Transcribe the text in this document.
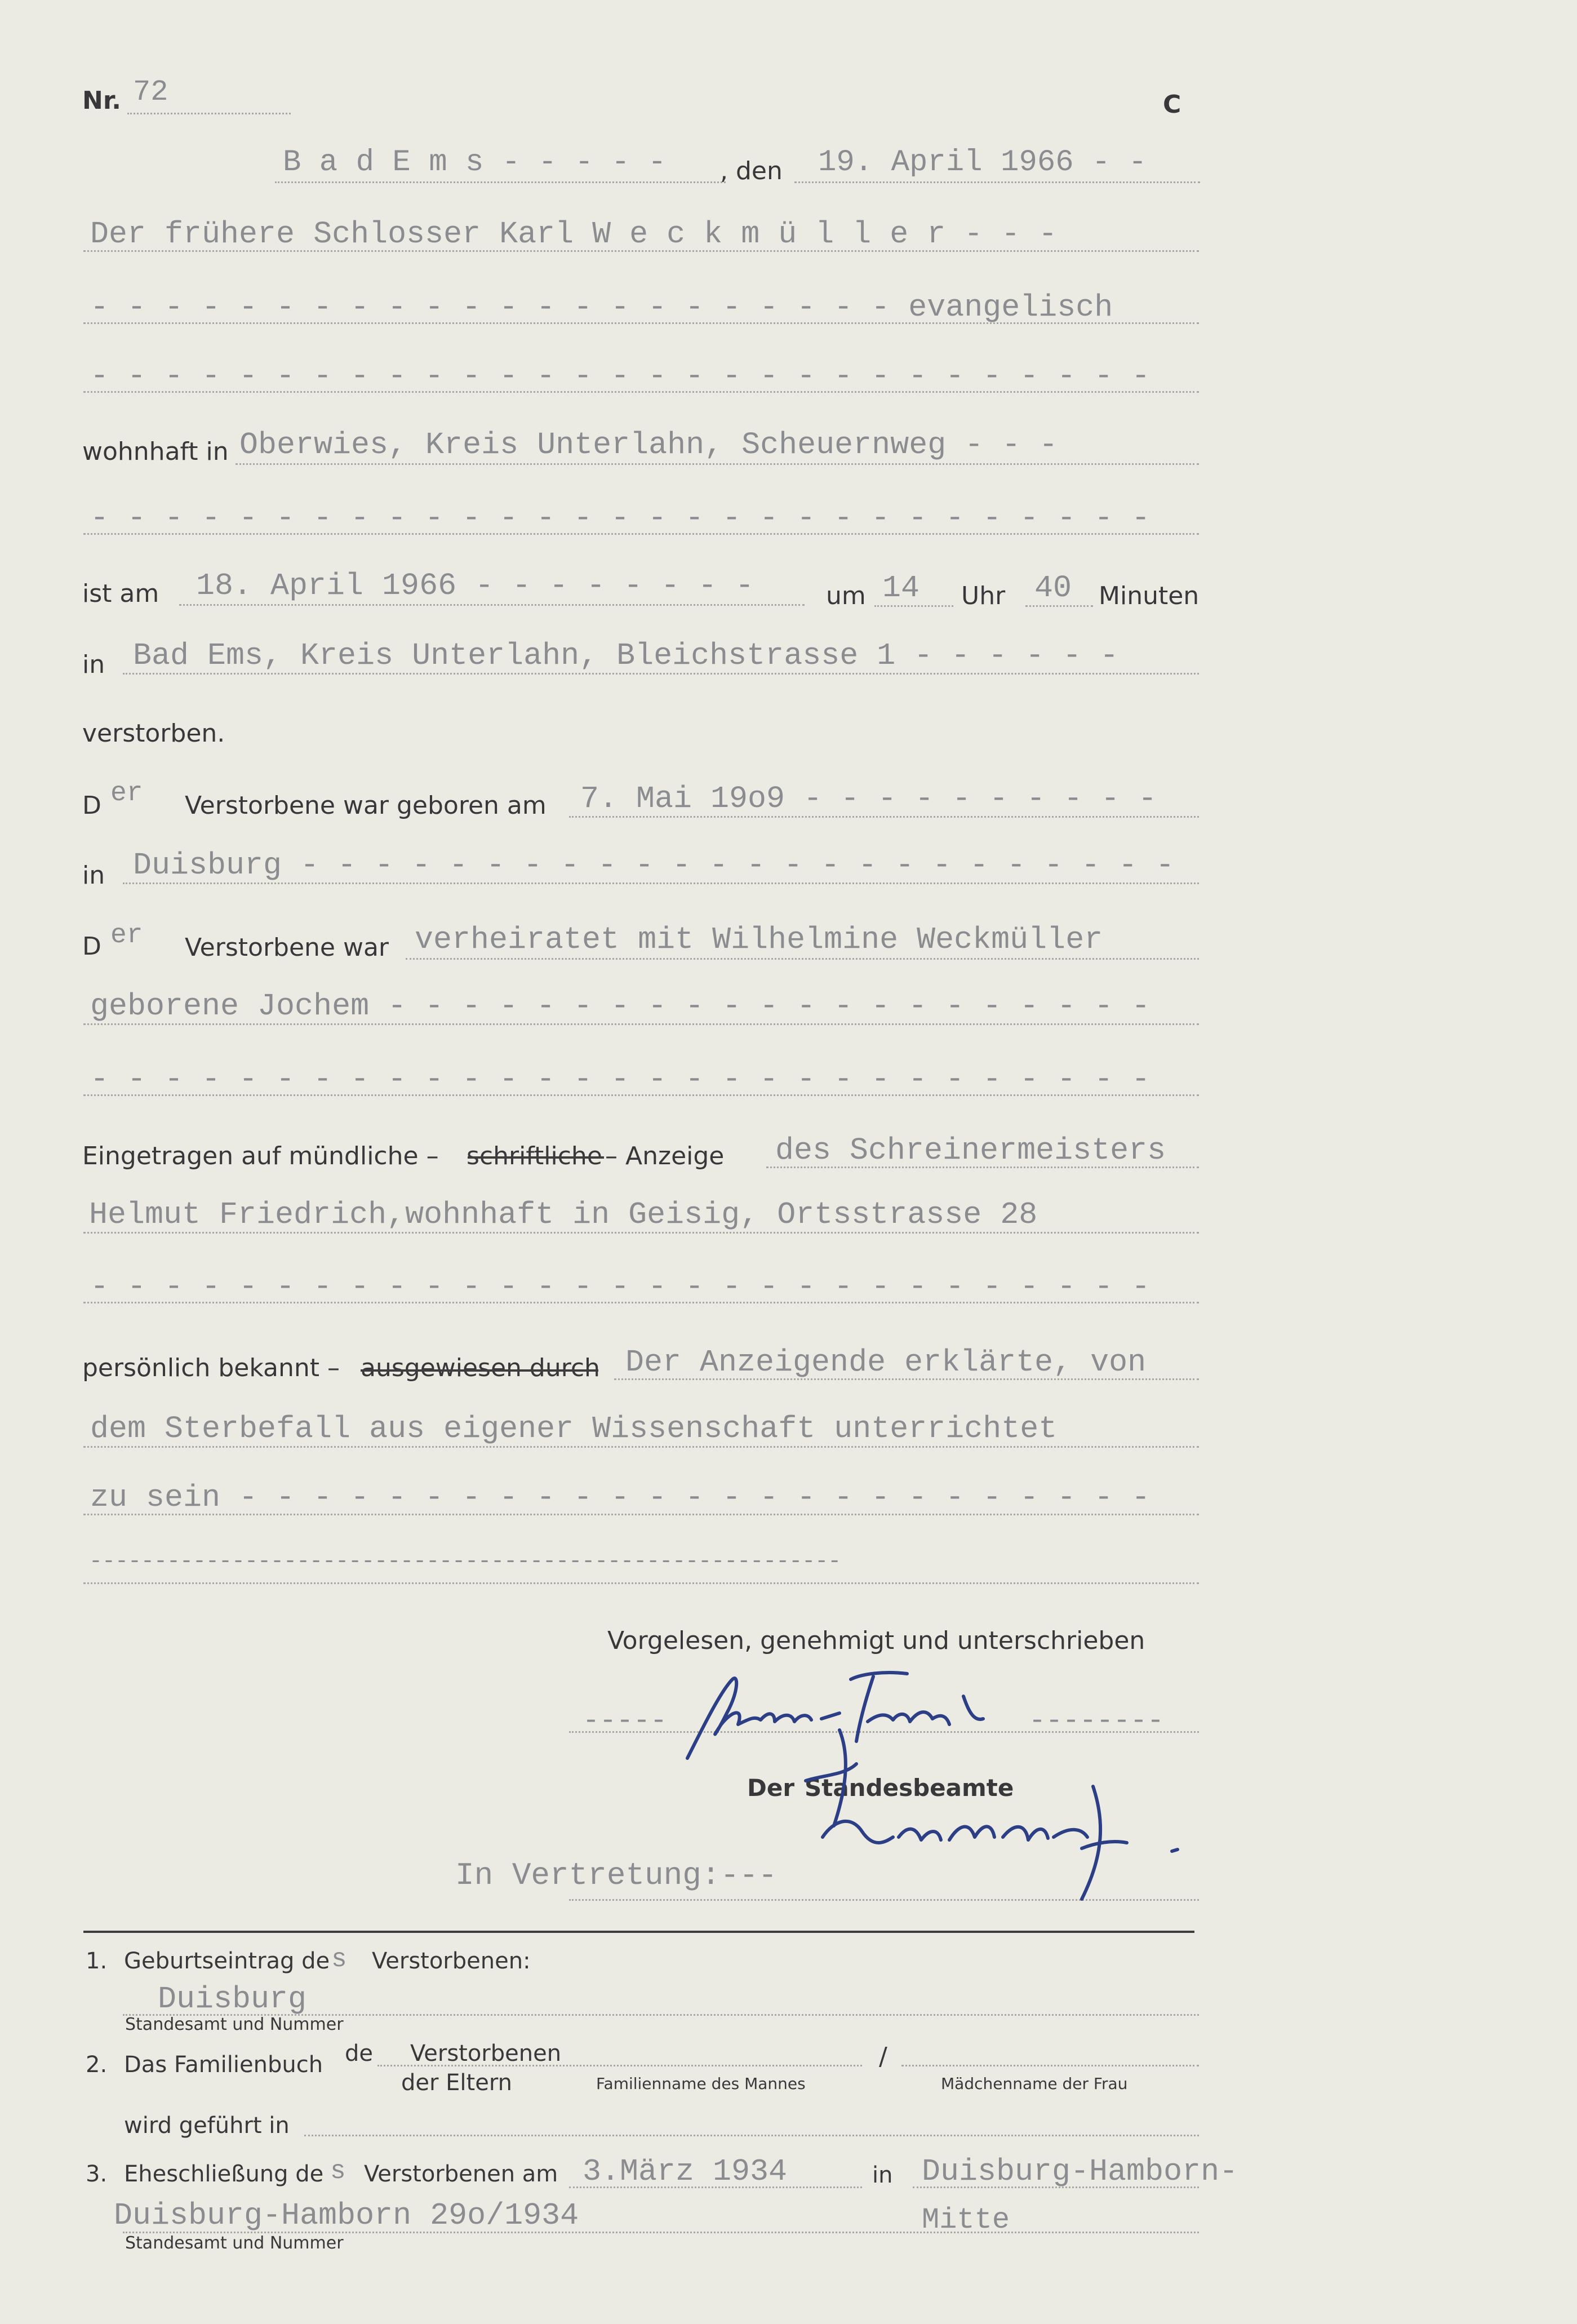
Nr. 72	C
B a d E m s - - - - - , den 19. April 1966 - -
Der frühere Schlosser Karl W e c k m ü l l e r - - -
- - - - - - - - - - - - - - - - - - - - - - evangelisch
- - - - - - - - - - - - - - - - - - - - - - - - - - - - -
wohnhaft in Oberwies, Kreis Unterlahn, Scheuernweg - - -
- - - - - - - - - - - - - - - - - - - - - - - - - - - - -
ist am 18. April 1966 - - - - - - - -	um 14 Uhr 40 Minuten
in Bad Ems, Kreis Unterlahn, Bleichstrasse 1 - - - - - -
verstorben.
D er Verstorbene war geboren am 7. Mai 19o9 - - - - - - - - - -
in Duisburg - - - - - - - - - - - - - - - - - - - - - - - -
D er Verstorbene war verheiratet mit Wilhelmine Weckmüller
geborene Jochem - - - - - - - - - - - - - - - - - - - - -
- - - - - - - - - - - - - - - - - - - - - - - - - - - - -
Eingetragen auf mündliche – schriftliche – Anzeige des Schreinermeisters
Helmut Friedrich,wohnhaft in Geisig, Ortsstrasse 28
- - - - - - - - - - - - - - - - - - - - - - - - - - - - -
persönlich bekannt – ausgewiesen durch Der Anzeigende erklärte, von
dem Sterbefall aus eigener Wissenschaft unterrichtet
zu sein - - - - - - - - - - - - - - - - - - - - - - - - -
----------------------------------------------------------
Vorgelesen, genehmigt und unterschrieben
-----	--------
Der Standesbeamte
In Vertretung:---
1. Geburtseintrag de s Verstorbenen:
Duisburg
Standesamt und Nummer
2. Das Familienbuch de Verstorbenen
der Eltern	Familienname des Mannes
/
Mädchenname der Frau
wird geführt in
3. Eheschließung de s Verstorbenen am 3.März 1934	in Duisburg-Hamborn-
Duisburg-Hamborn 29o/1934	Mitte
Standesamt und Nummer
